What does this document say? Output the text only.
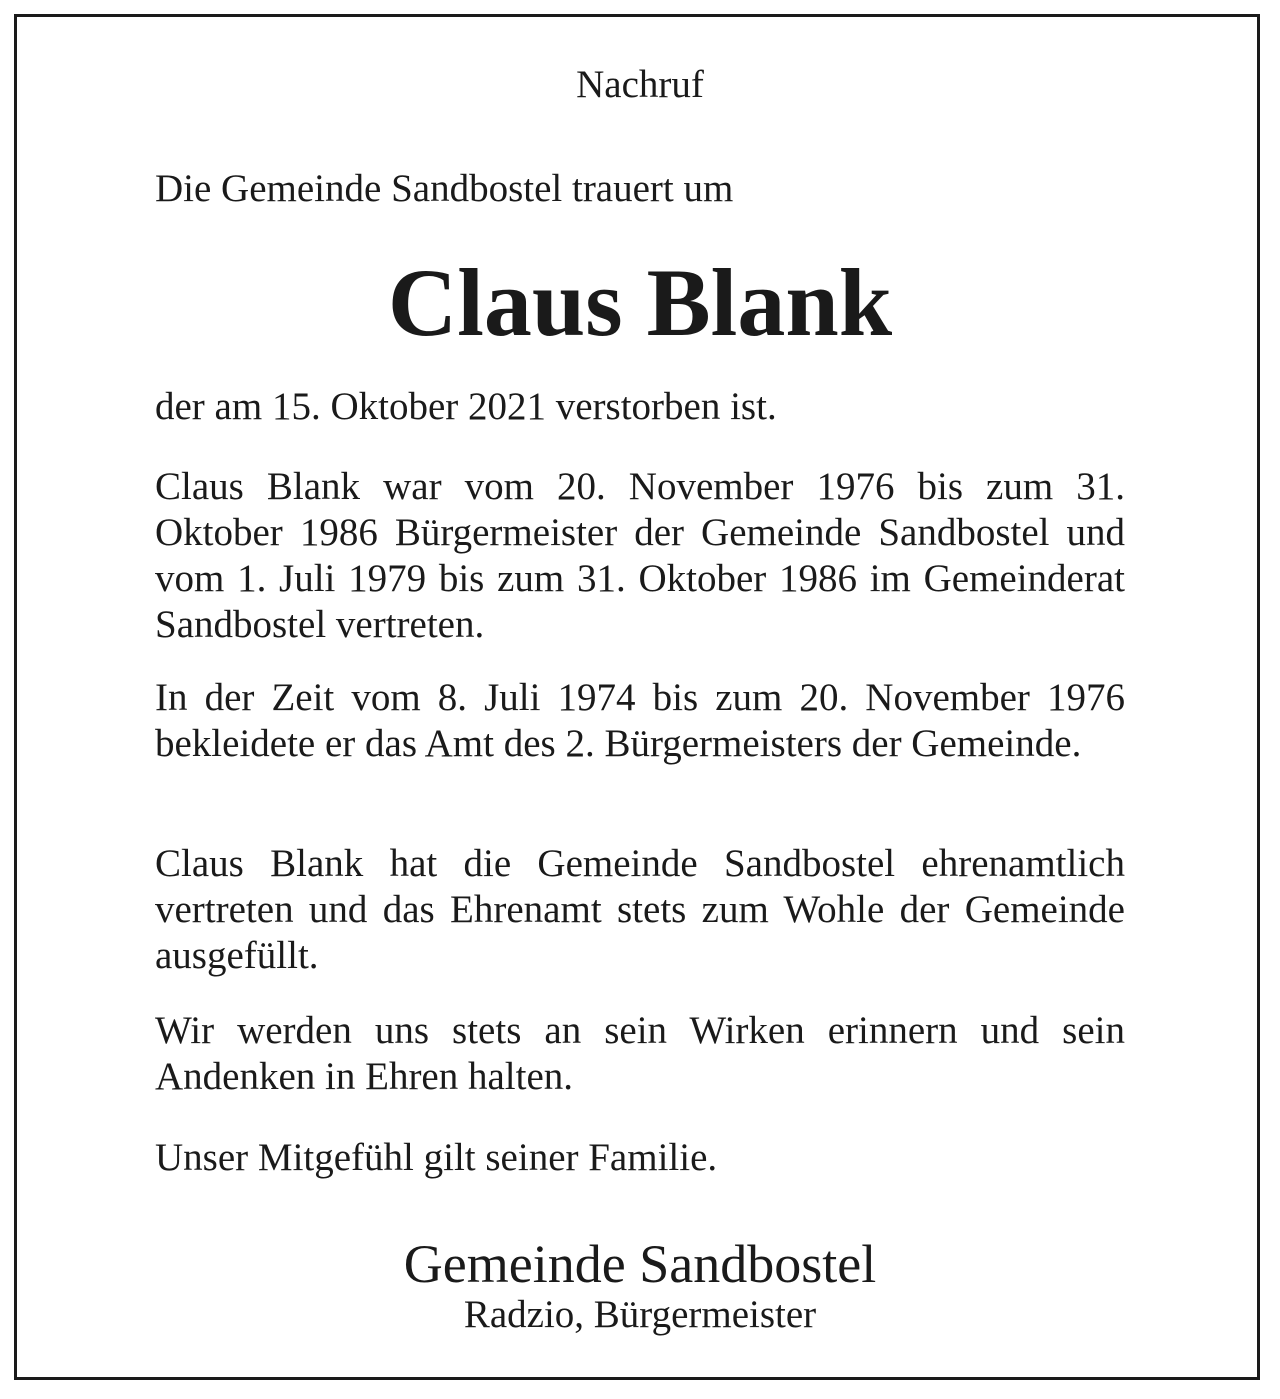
Nachruf
Die Gemeinde Sandbostel trauert um
Claus Blank
der am 15. Oktober 2021 verstorben ist.
Claus Blank war vom 20. November 1976 bis zum 31. Oktober 1986 Bürgermeister der Gemeinde Sandbostel und vom 1. Juli 1979 bis zum 31. Oktober 1986 im Gemeinderat Sandbostel vertreten.
In der Zeit vom 8. Juli 1974 bis zum 20. November 1976 bekleidete er das Amt des 2. Bürgermeisters der Gemeinde.
Claus Blank hat die Gemeinde Sandbostel ehrenamtlich vertreten und das Ehrenamt stets zum Wohle der Gemeinde ausgefüllt.
Wir werden uns stets an sein Wirken erinnern und sein Andenken in Ehren halten.
Unser Mitgefühl gilt seiner Familie.
Gemeinde Sandbostel
Radzio, Bürgermeister
